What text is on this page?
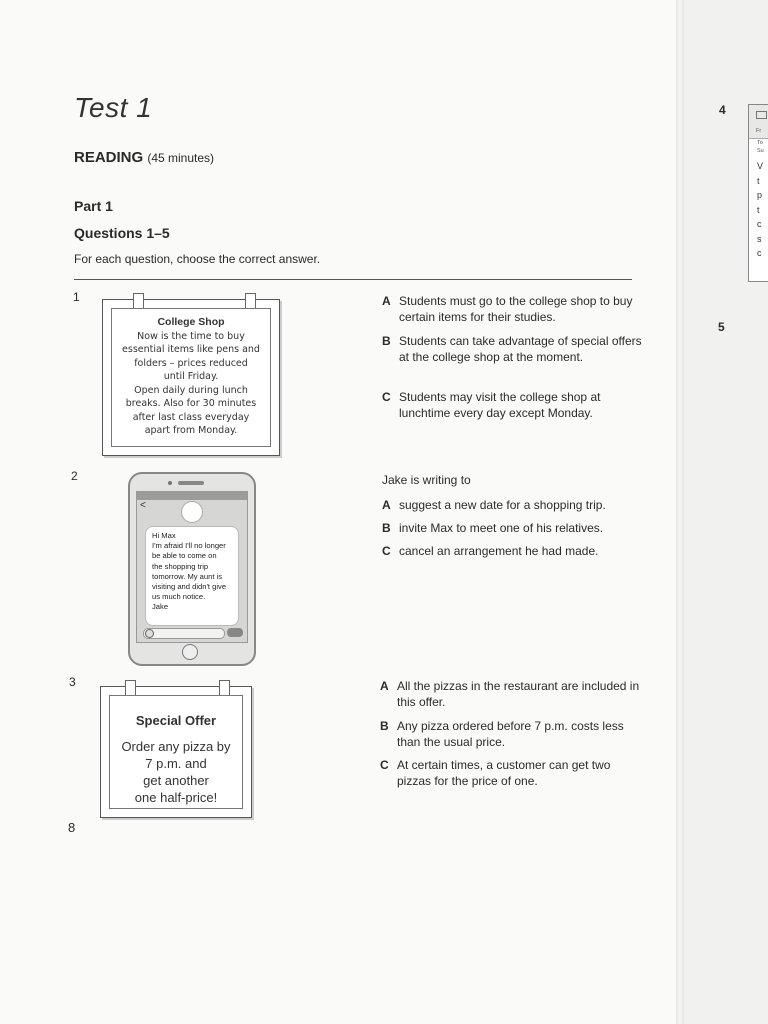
Test 1
READING (45 minutes)
Part 1
Questions 1–5
For each question, choose the correct answer.
1
College Shop
Now is the time to buy
essential items like pens and
folders – prices reduced
until Friday.
Open daily during lunch
breaks. Also for 30 minutes
after last class everyday
apart from Monday.
A Students must go to the college shop to buy certain items for their studies.
B Students can take advantage of special offers at the college shop at the moment.
C Students may visit the college shop at lunchtime every day except Monday.
2
<
Hi Max
I'm afraid I'll no longer
be able to come on
the shopping trip
tomorrow. My aunt is
visiting and didn't give
us much notice.
Jake
Jake is writing to
A suggest a new date for a shopping trip.
B invite Max to meet one of his relatives.
C cancel an arrangement he had made.
3
Special Offer
Order any pizza by
7 p.m. and
get another
one half-price!
A All the pizzas in the restaurant are included in this offer.
B Any pizza ordered before 7 p.m. costs less than the usual price.
C At certain times, a customer can get two pizzas for the price of one.
8
4
5
Fr
To
Su
V
t
p
t
c
s
c
